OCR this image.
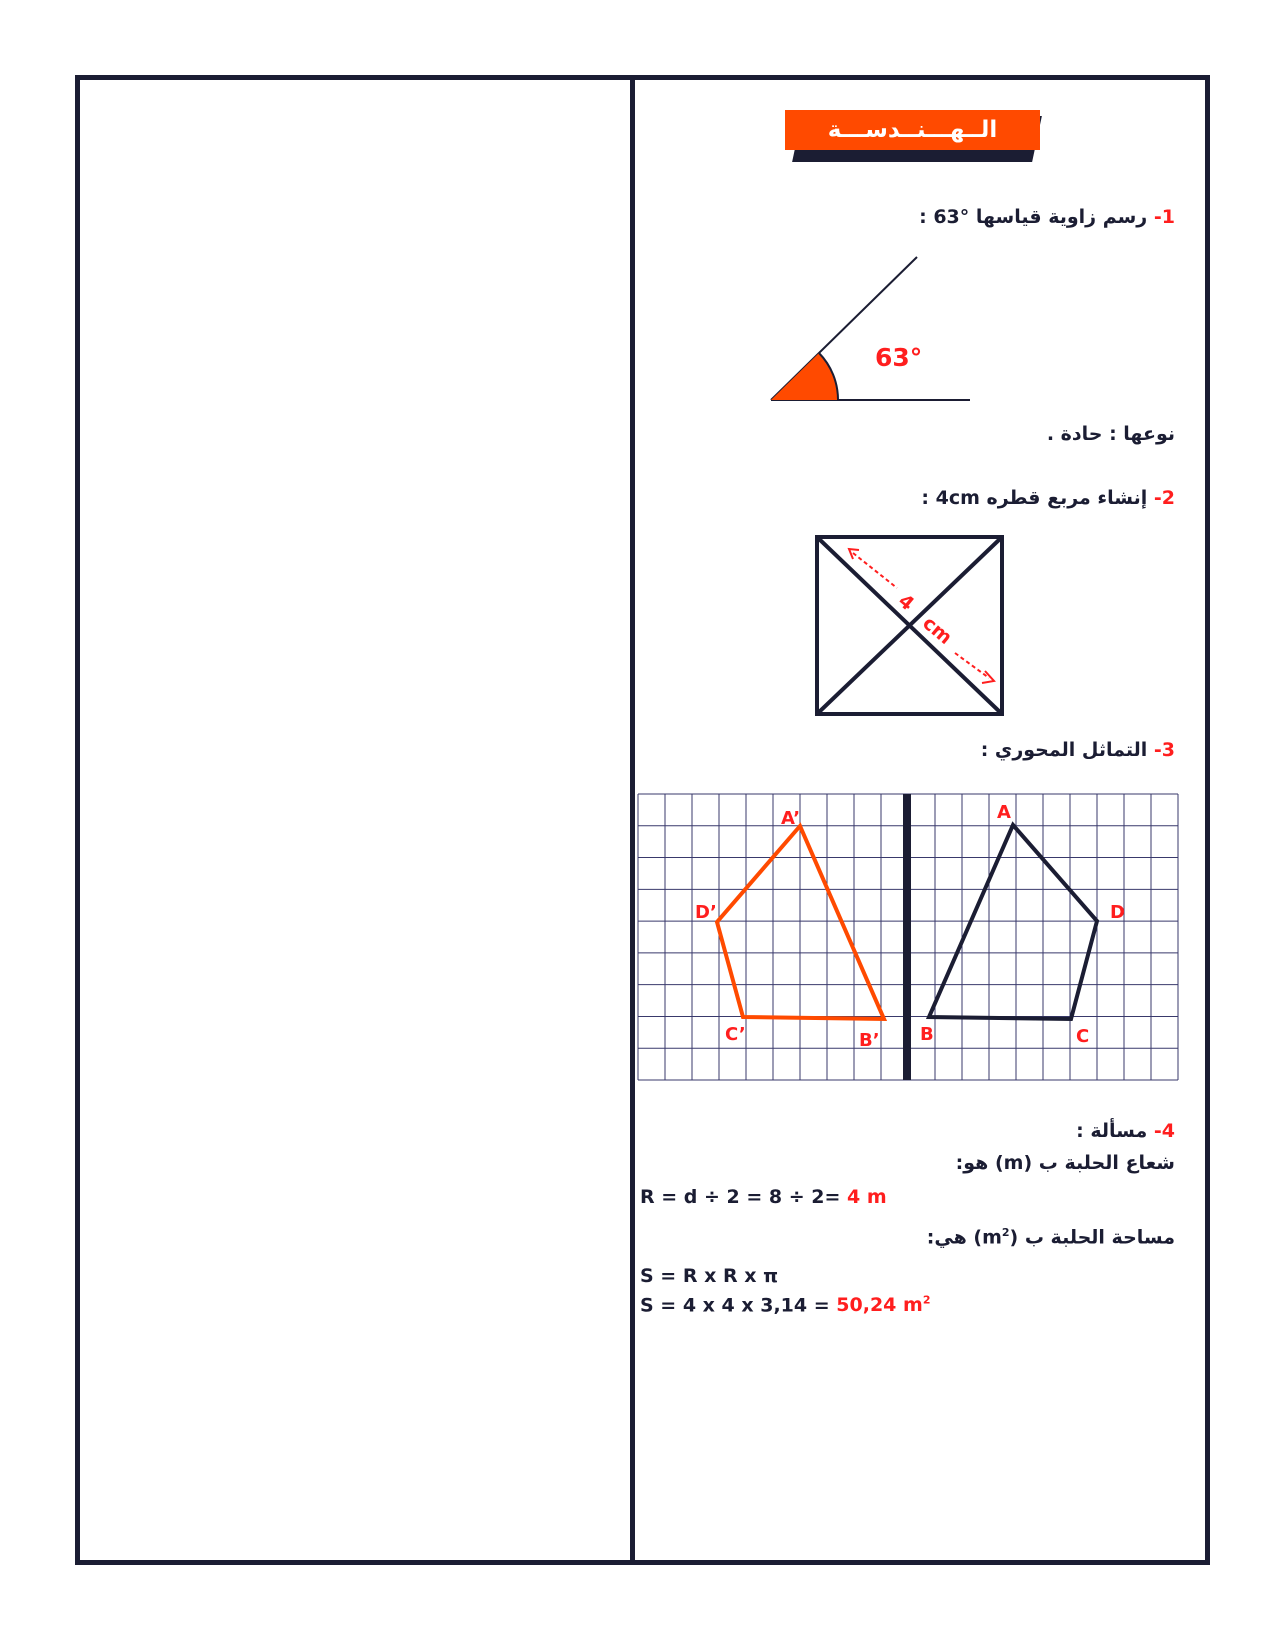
الــهـــنــدســـة
1- رسم زاوية قياسها °63 :
63°
نوعها : حادة .
2- إنشاء مربع قطره 4cm :
4
cm
3- التماثل المحوري :
A
D
C
B
A’
D’
C’	B’
4- مسألة :
شعاع الحلبة ب (m) هو:
R = d ÷ 2 = 8 ÷ 2= 4 m
مساحة الحلبة ب $(m^2)$ هي:
S = R x R x π
S = 4 x 4 x 3,14 = 50,24 $m^2$
